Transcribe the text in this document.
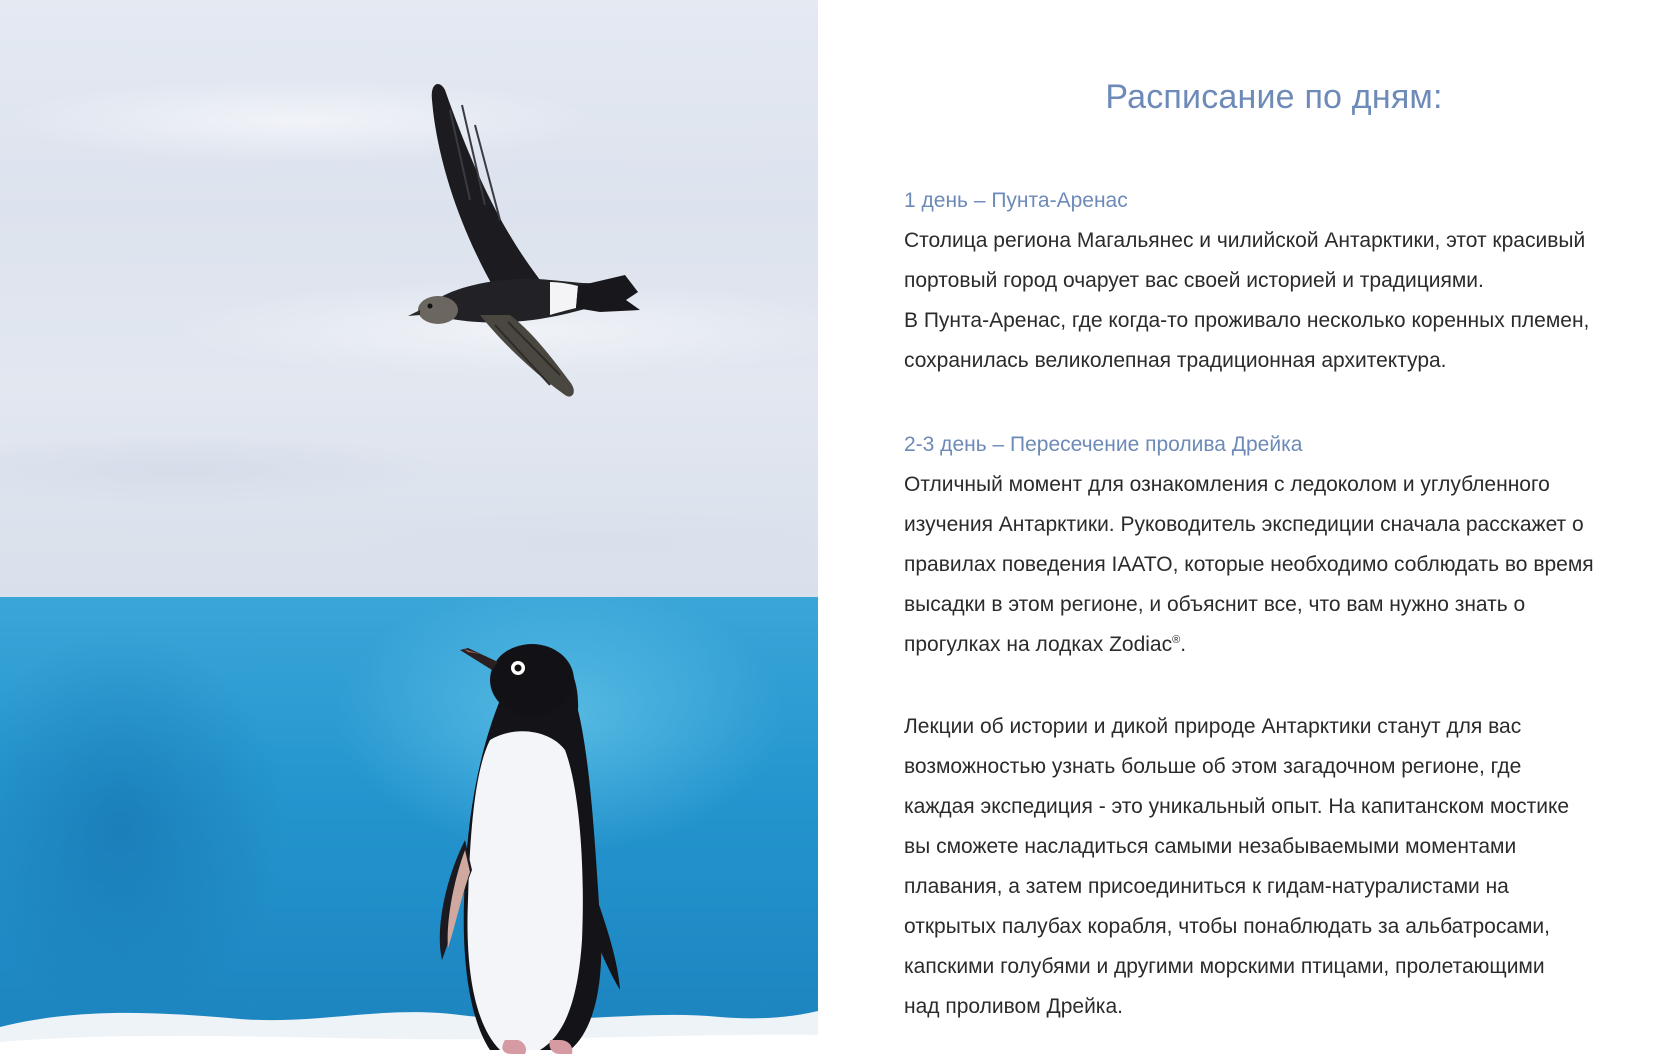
Расписание по дням:
1 день – Пунта-Аренас
Столица региона Магальянес и чилийской Антарктики, этот красивый
портовый город очарует вас своей историей и традициями.
В Пунта-Аренас, где когда-то проживало несколько коренных племен,
сохранилась великолепная традиционная архитектура.
2-3 день – Пересечение пролива Дрейка
Отличный момент для ознакомления с ледоколом и углубленного
изучения Антарктики. Руководитель экспедиции сначала расскажет о
правилах поведения IAATO, которые необходимо соблюдать во время
высадки в этом регионе, и объяснит все, что вам нужно знать о
прогулках на лодках Zodiac®.
Лекции об истории и дикой природе Антарктики станут для вас
возможностью узнать больше об этом загадочном регионе, где
каждая экспедиция - это уникальный опыт. На капитанском мостике
вы сможете насладиться самыми незабываемыми моментами
плавания, а затем присоединиться к гидам-натуралистами на
открытых палубах корабля, чтобы понаблюдать за альбатросами,
капскими голубями и другими морскими птицами, пролетающими
над проливом Дрейка.
